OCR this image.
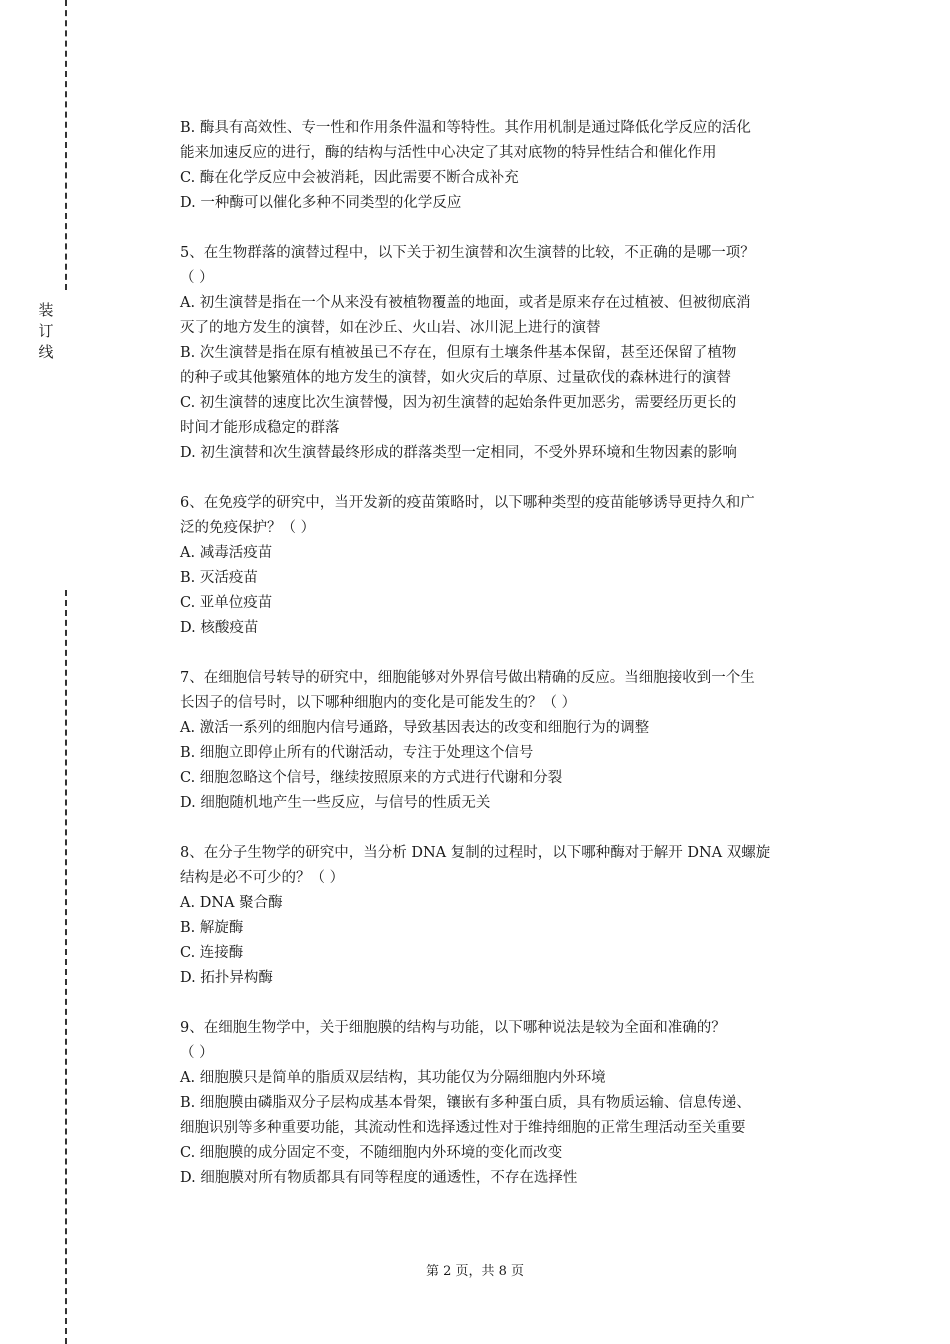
装
订
线
B. 酶具有高效性、专一性和作用条件温和等特性。其作用机制是通过降低化学反应的活化
能来加速反应的进行，酶的结构与活性中心决定了其对底物的特异性结合和催化作用
C. 酶在化学反应中会被消耗，因此需要不断合成补充
D. 一种酶可以催化多种不同类型的化学反应
5、在生物群落的演替过程中，以下关于初生演替和次生演替的比较，不正确的是哪一项？
（ ）
A. 初生演替是指在一个从来没有被植物覆盖的地面，或者是原来存在过植被、但被彻底消
灭了的地方发生的演替，如在沙丘、火山岩、冰川泥上进行的演替
B. 次生演替是指在原有植被虽已不存在，但原有土壤条件基本保留，甚至还保留了植物
的种子或其他繁殖体的地方发生的演替，如火灾后的草原、过量砍伐的森林进行的演替
C. 初生演替的速度比次生演替慢，因为初生演替的起始条件更加恶劣，需要经历更长的
时间才能形成稳定的群落
D. 初生演替和次生演替最终形成的群落类型一定相同，不受外界环境和生物因素的影响
6、在免疫学的研究中，当开发新的疫苗策略时，以下哪种类型的疫苗能够诱导更持久和广
泛的免疫保护？（ ）
A. 减毒活疫苗
B. 灭活疫苗
C. 亚单位疫苗
D. 核酸疫苗
7、在细胞信号转导的研究中，细胞能够对外界信号做出精确的反应。当细胞接收到一个生
长因子的信号时，以下哪种细胞内的变化是可能发生的？（ ）
A. 激活一系列的细胞内信号通路，导致基因表达的改变和细胞行为的调整
B. 细胞立即停止所有的代谢活动，专注于处理这个信号
C. 细胞忽略这个信号，继续按照原来的方式进行代谢和分裂
D. 细胞随机地产生一些反应，与信号的性质无关
8、在分子生物学的研究中，当分析 DNA 复制的过程时，以下哪种酶对于解开 DNA 双螺旋
结构是必不可少的？（ ）
A. DNA 聚合酶
B. 解旋酶
C. 连接酶
D. 拓扑异构酶
9、在细胞生物学中，关于细胞膜的结构与功能，以下哪种说法是较为全面和准确的？
（ ）
A. 细胞膜只是简单的脂质双层结构，其功能仅为分隔细胞内外环境
B. 细胞膜由磷脂双分子层构成基本骨架，镶嵌有多种蛋白质，具有物质运输、信息传递、
细胞识别等多种重要功能，其流动性和选择透过性对于维持细胞的正常生理活动至关重要
C. 细胞膜的成分固定不变，不随细胞内外环境的变化而改变
D. 细胞膜对所有物质都具有同等程度的通透性，不存在选择性
第 2 页，共 8 页
